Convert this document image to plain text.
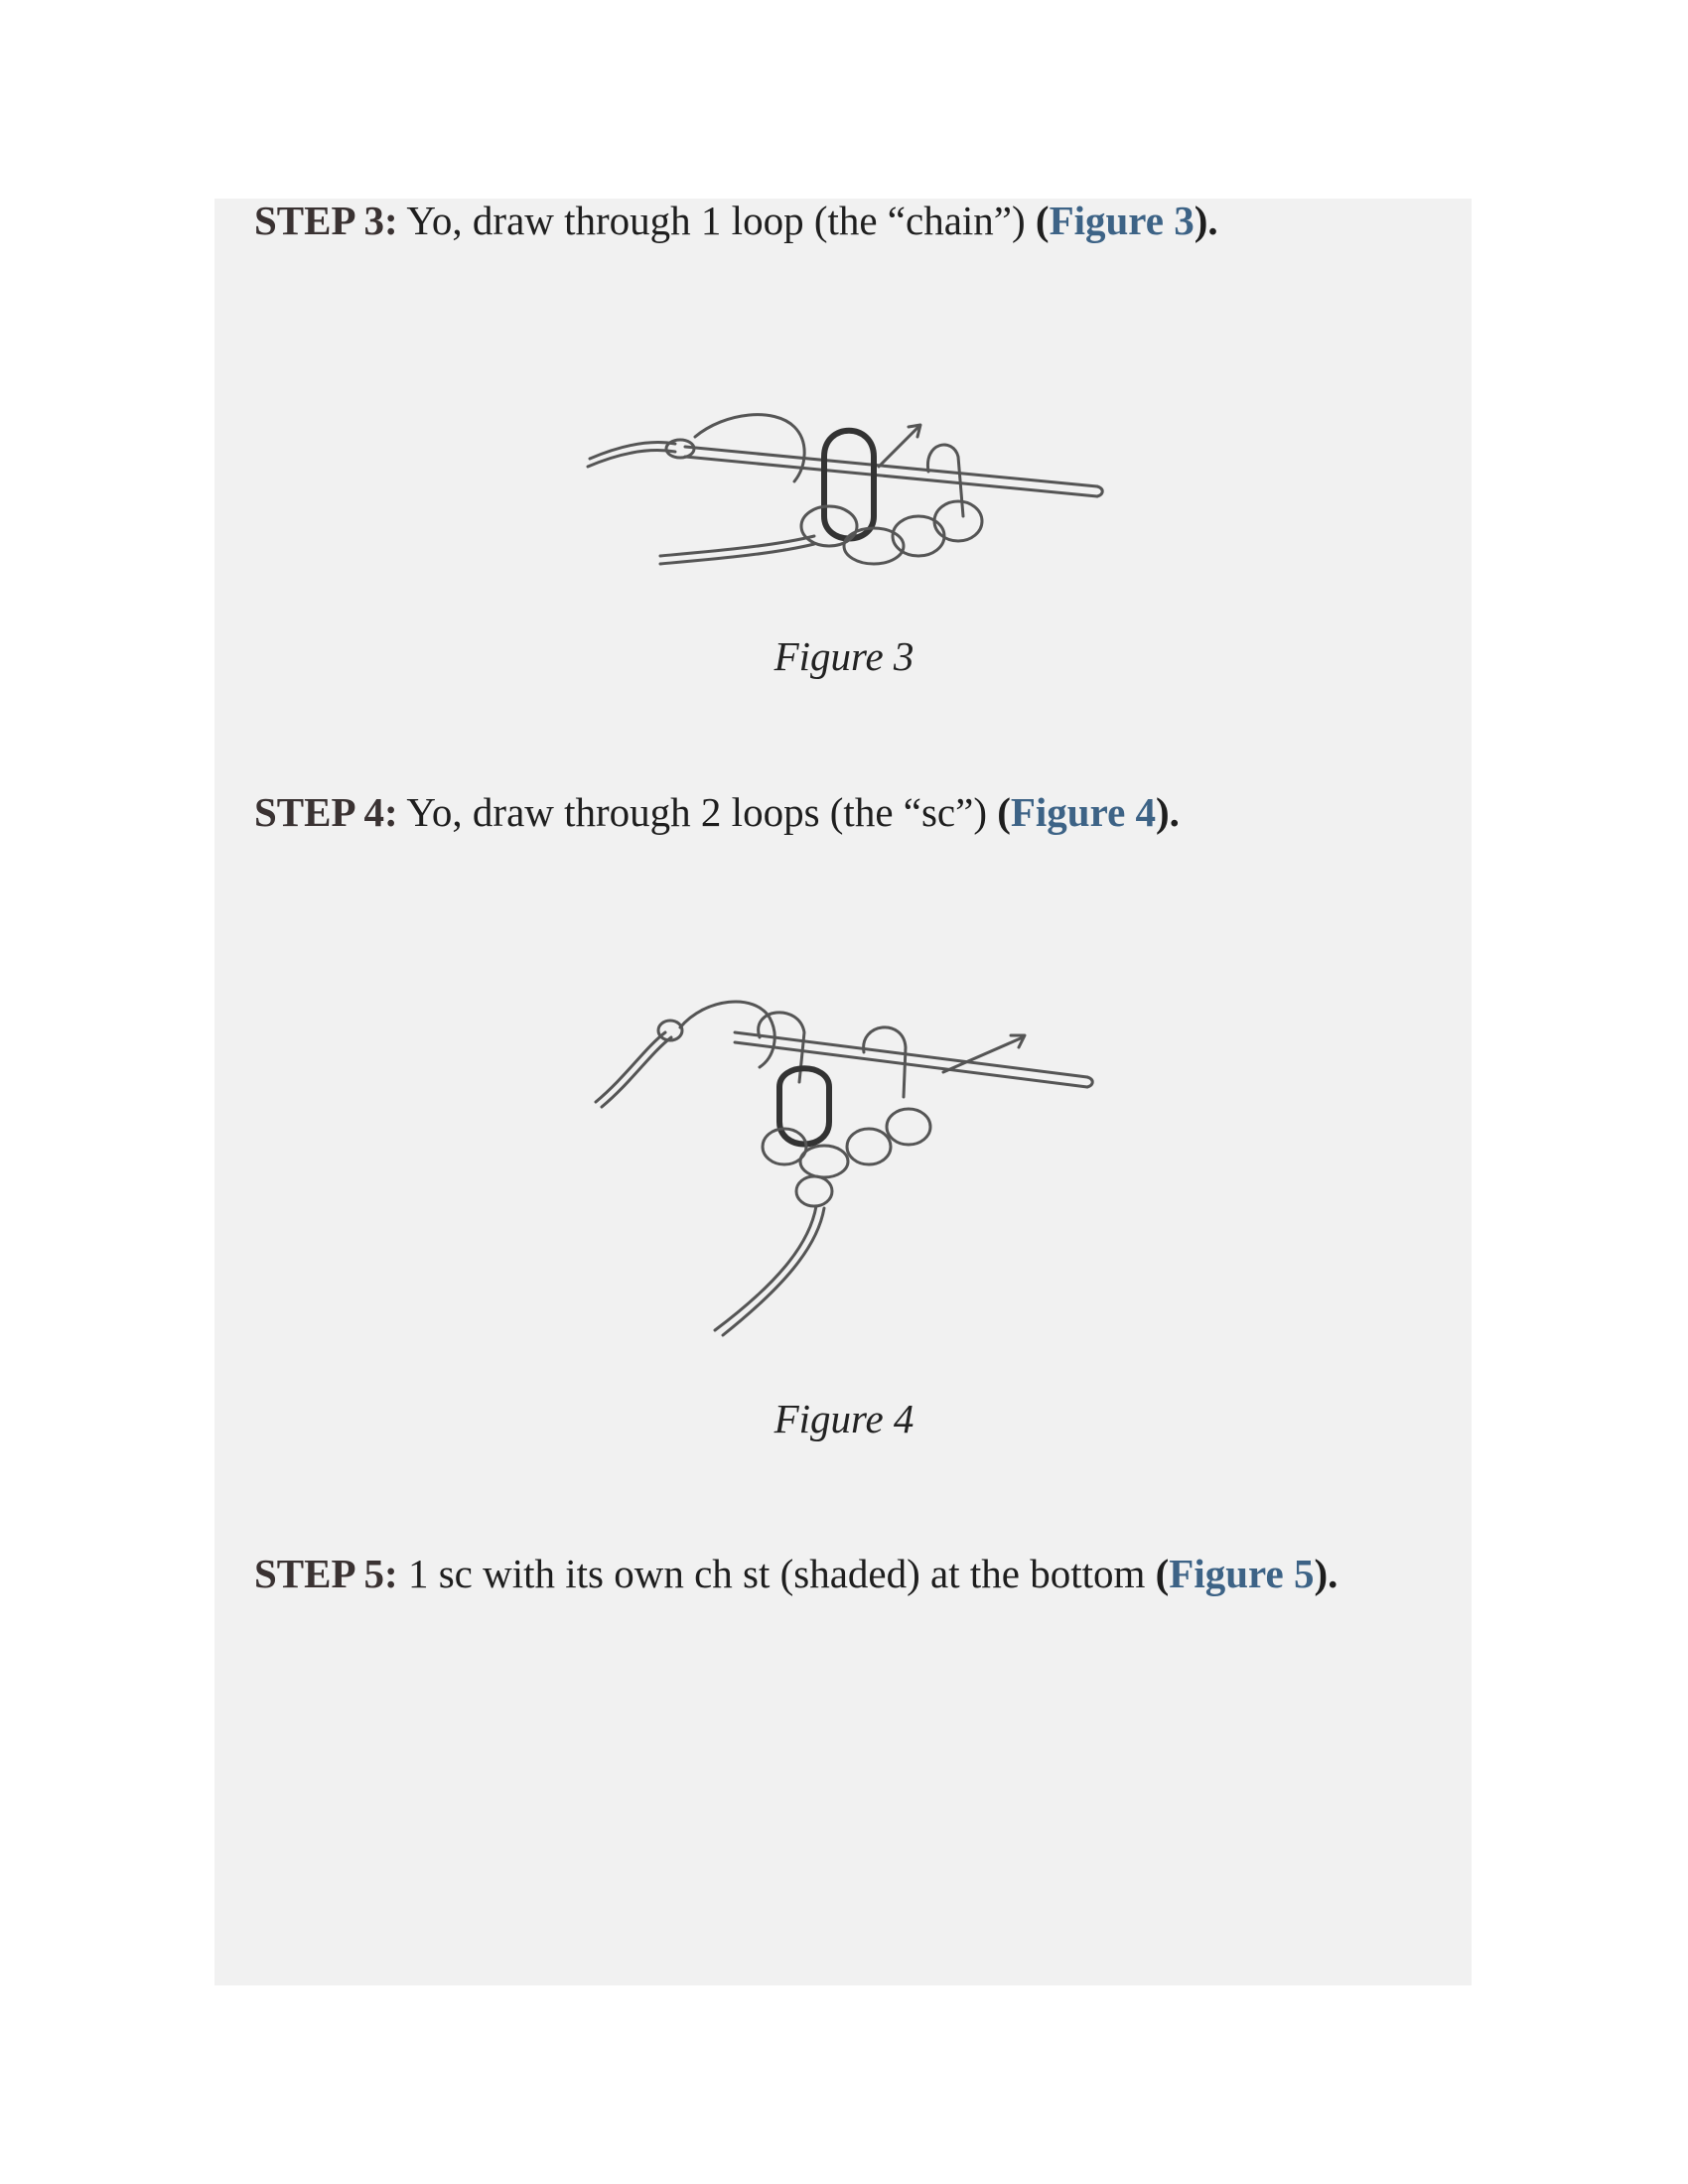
STEP 3: Yo, draw through 1 loop (the “chain”) (Figure 3).
Figure 3
STEP 4: Yo, draw through 2 loops (the “sc”) (Figure 4).
Figure 4
STEP 5: 1 sc with its own ch st (shaded) at the bottom (Figure 5).
